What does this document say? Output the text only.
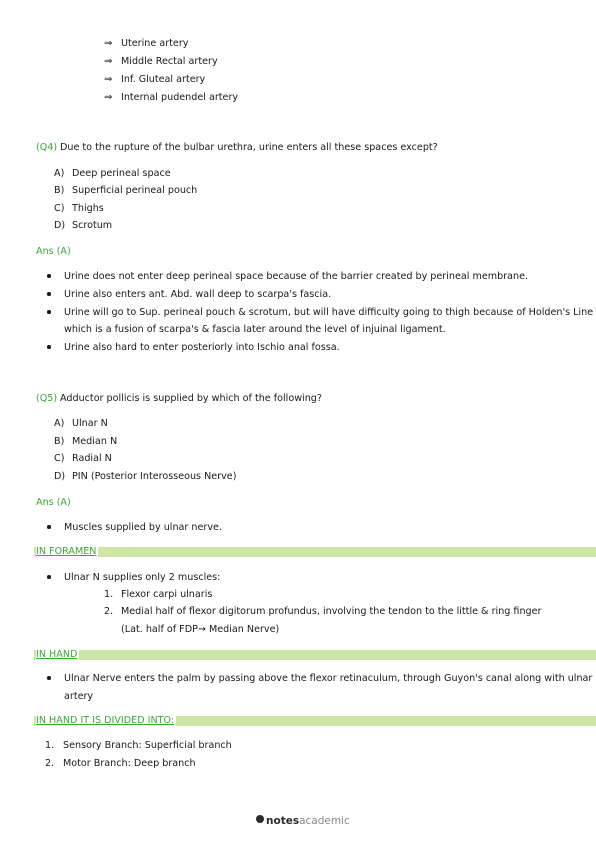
⇒ Uterine artery
⇒ Middle Rectal artery
⇒ Inf. Gluteal artery
⇒ Internal pudendel artery
(Q4) Due to the rupture of the bulbar urethra, urine enters all these spaces except?
A) Deep perineal space
B) Superficial perineal pouch
C) Thighs
D) Scrotum
Ans (A)
Urine does not enter deep perineal space because of the barrier created by perineal membrane.
Urine also enters ant. Abd. wall deep to scarpa's fascia.
Urine will go to Sup. perineal pouch & scrotum, but will have difficulty going to thigh because of Holden's Line
which is a fusion of scarpa's & fascia later around the level of injuinal ligament.
Urine also hard to enter posteriorly into Ischio anal fossa.
(Q5) Adductor pollicis is supplied by which of the following?
A) Ulnar N
B) Median N
C) Radial N
D) PIN (Posterior Interosseous Nerve)
Ans (A)
Muscles supplied by ulnar nerve.
IN FORAMEN
Ulnar N supplies only 2 muscles:
1. Flexor carpi ulnaris
2. Medial half of flexor digitorum profundus, involving the tendon to the little & ring finger
(Lat. half of FDP→ Median Nerve)
IN HAND
Ulnar Nerve enters the palm by passing above the flexor retinaculum, through Guyon's canal along with ulnar
artery
IN HAND IT IS DIVIDED INTO:
1. Sensory Branch: Superficial branch
2. Motor Branch: Deep branch
notesacademic
